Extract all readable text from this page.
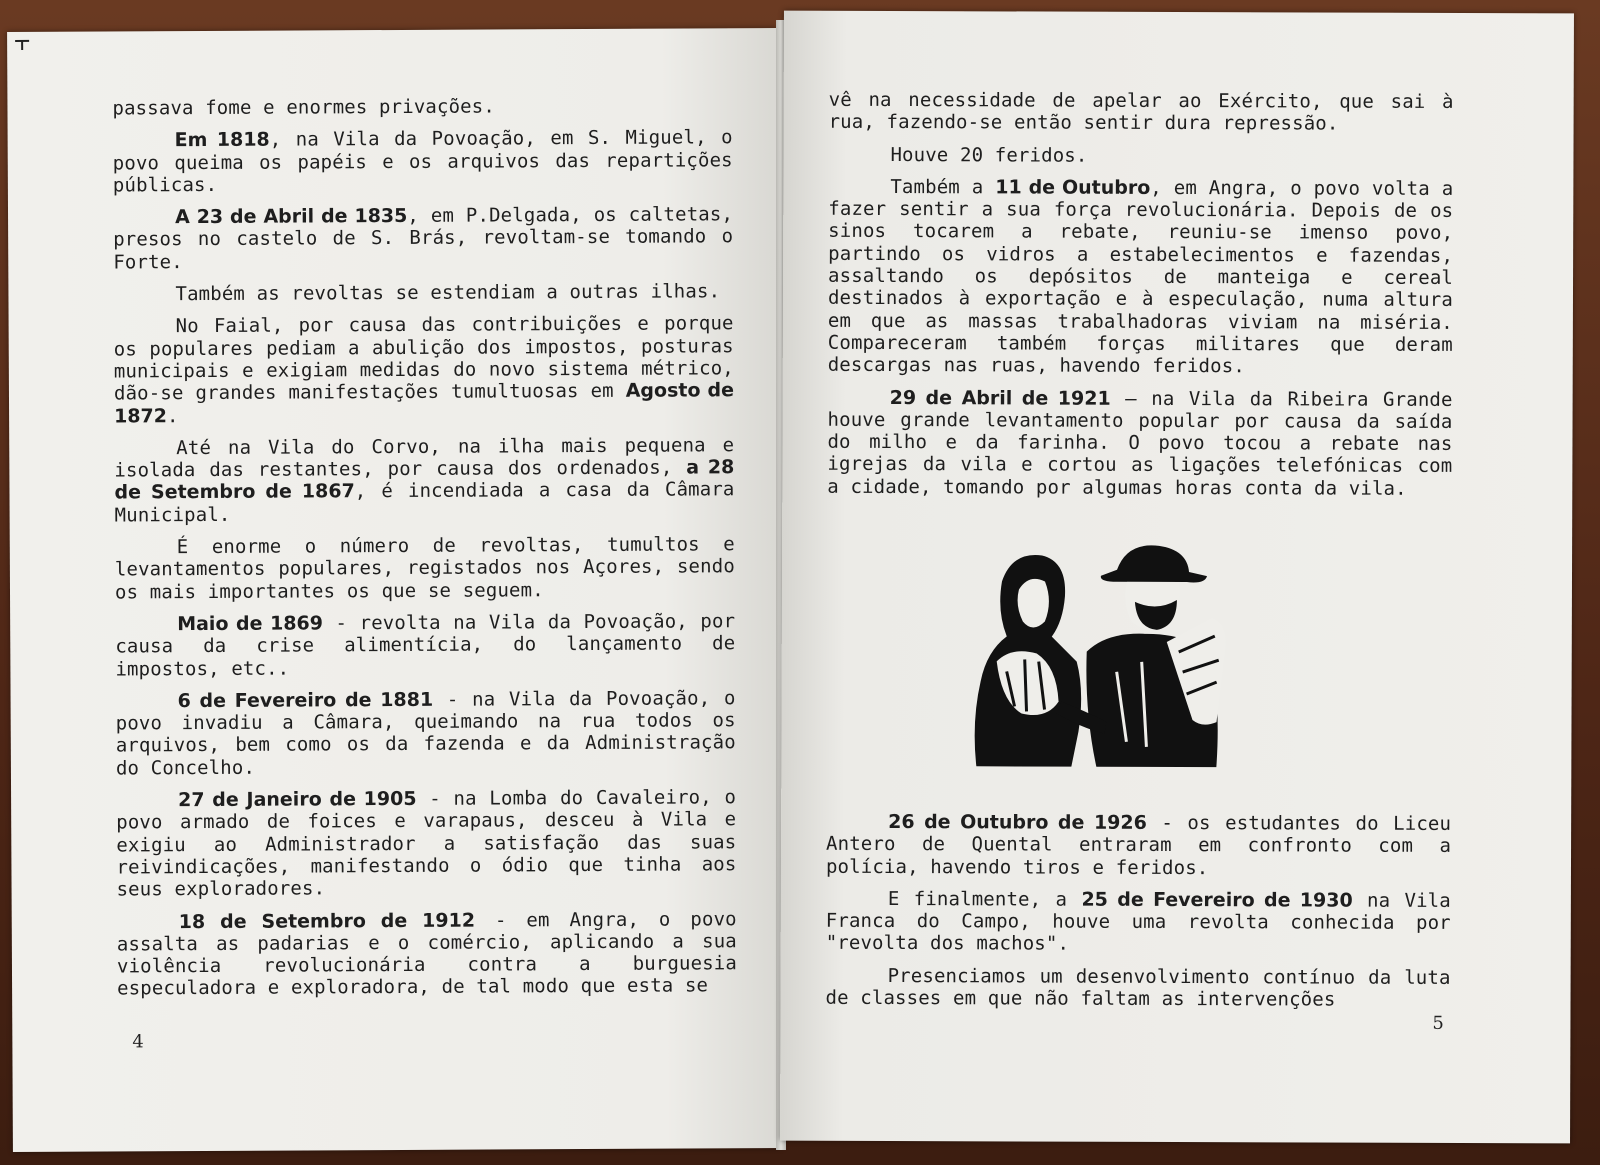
passava fome e enormes privações.

Em 1818, na Vila da Povoação, em S. Miguel, o povo queima os papéis e os arquivos das repartições públicas.

A 23 de Abril de 1835, em P.Delgada, os caltetas, presos no castelo de S. Brás, revoltam-se tomando o Forte.

Também as revoltas se estendiam a outras ilhas.

No Faial, por causa das contribuições e porque os populares pediam a abulição dos impostos, posturas municipais e exigiam medidas do novo sistema métrico, dão-se grandes manifestações tumultuosas em Agosto de 1872.

Até na Vila do Corvo, na ilha mais pequena e isolada das restantes, por causa dos ordenados, a 28 de Setembro de 1867, é incendiada a casa da Câmara Municipal.

É enorme o número de revoltas, tumultos e levantamentos populares, registados nos Açores, sendo os mais importantes os que se seguem.

Maio de 1869 - revolta na Vila da Povoação, por causa da crise alimentícia, do lançamento de impostos, etc..

6 de Fevereiro de 1881 - na Vila da Povoação, o povo invadiu a Câmara, queimando na rua todos os arquivos, bem como os da fazenda e da Administração do Concelho.

27 de Janeiro de 1905 - na Lomba do Cavaleiro, o povo armado de foices e varapaus, desceu à Vila e exigiu ao Administrador a satisfação das suas reivindicações, manifestando o ódio que tinha aos seus exploradores.

18 de Setembro de 1912 - em Angra, o povo assalta as padarias e o comércio, aplicando a sua violência revolucionária contra a burguesia especuladora e exploradora, de tal modo que esta se

4

vê na necessidade de apelar ao Exército, que sai à rua, fazendo-se então sentir dura repressão.

Houve 20 feridos.

Também a 11 de Outubro, em Angra, o povo volta a fazer sentir a sua força revolucionária. Depois de os sinos tocarem a rebate, reuniu-se imenso povo, partindo os vidros a estabelecimentos e fazendas, assaltando os depósitos de manteiga e cereal destinados à exportação e à especulação, numa altura em que as massas trabalhadoras viviam na miséria. Compareceram também forças militares que deram descargas nas ruas, havendo feridos.

29 de Abril de 1921 — na Vila da Ribeira Grande houve grande levantamento popular por causa da saída do milho e da farinha. O povo tocou a rebate nas igrejas da vila e cortou as ligações telefónicas com a cidade, tomando por algumas horas conta da vila.

26 de Outubro de 1926 - os estudantes do Liceu Antero de Quental entraram em confronto com a polícia, havendo tiros e feridos.

E finalmente, a 25 de Fevereiro de 1930 na Vila Franca do Campo, houve uma revolta conhecida por "revolta dos machos".

Presenciamos um desenvolvimento contínuo da luta de classes em que não faltam as intervenções

5
